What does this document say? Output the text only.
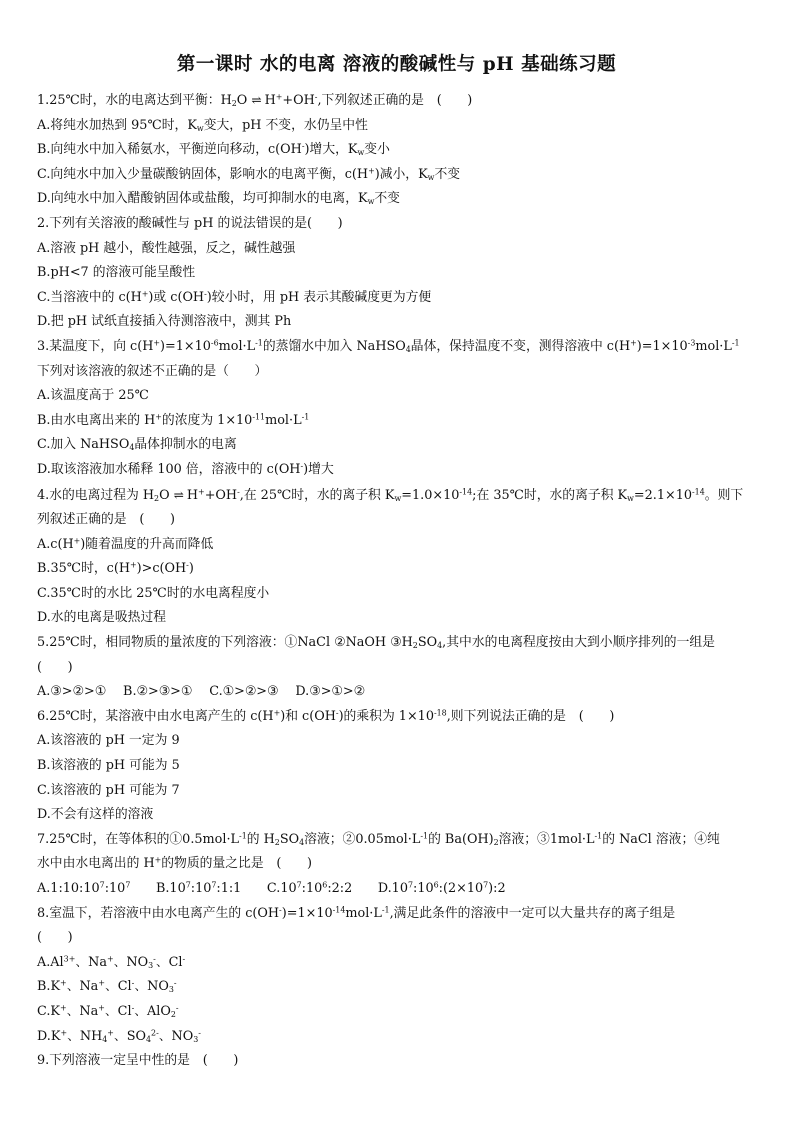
第一课时 水的电离 溶液的酸碱性与 pH 基础练习题
1.25℃时，水的电离达到平衡：$H_2O$ ⇌ H++OH-,下列叙述正确的是　(　　)
A.将纯水加热到 95℃时，$K_w$变大，pH 不变，水仍呈中性
B.向纯水中加入稀氨水，平衡逆向移动，c(OH-)增大，$K_w$变小
C.向纯水中加入少量碳酸钠固体，影响水的电离平衡，c(H+)减小，$K_w$不变
D.向纯水中加入醋酸钠固体或盐酸，均可抑制水的电离，$K_w$不变
2.下列有关溶液的酸碱性与 pH 的说法错误的是(　　)
A.溶液 pH 越小，酸性越强，反之，碱性越强
B.pH<7 的溶液可能呈酸性
C.当溶液中的 c(H+)或 c(OH-)较小时，用 pH 表示其酸碱度更为方便
D.把 pH 试纸直接插入待测溶液中，测其 Ph
3.某温度下，向 $c(H^+)=1\times 10^{-6}mol\cdot L^{-1}$的蒸馏水中加入 NaHSO$_4$晶体，保持温度不变，测得溶液中 $c(H^+)=1\times 10^{-3}mol\cdot L^{-1}$
下列对该溶液的叙述不正确的是（　　）
A.该温度高于 25℃
B.由水电离出来的 H+的浓度为 $1\times 10^{-11}mol\cdot L^{-1}$
C.加入 NaHSO$_4$晶体抑制水的电离
D.取该溶液加水稀释 100 倍，溶液中的 c(OH-)增大
4.水的电离过程为 $H_2O$ ⇌ H++OH-,在 25℃时，水的离子积 $K_w=1.0\times 10^{-14}$;在 35℃时，水的离子积 $K_w=2.1\times 10^{-14}$。则下
列叙述正确的是　(　　)
A.c(H+)随着温度的升高而降低
B.35℃时，c(H+)>c(OH-)
C.35℃时的水比 25℃时的水电离程度小
D.水的电离是吸热过程
5.25℃时，相同物质的量浓度的下列溶液：①NaCl ②NaOH $③H_2SO_4$,其中水的电离程度按由大到小顺序排列的一组是
(　　)
A.③>②>①　 B.②>③>①　 C.①>②>③　 D.③>①>②
6.25℃时，某溶液中由水电离产生的 c(H+)和 c(OH-)的乘积为 $1\times 10^{-18}$,则下列说法正确的是　(　　)
A.该溶液的 pH 一定为 9
B.该溶液的 pH 可能为 5
C.该溶液的 pH 可能为 7
D.不会有这样的溶液
7.25℃时，在等体积的$①0.5mol\cdot L^{-1}$的 $H_2SO_4$溶液；$②0.05mol\cdot L^{-1}$的 $Ba(OH)_2$溶液；$③1mol\cdot L^{-1}$的 NaCl 溶液；④纯
水中由水电离出的 H+的物质的量之比是　(　　)
$A.1:10:10^7:10^7$　　$B.10^7:10^7:1:1$　　$C.10^7:10^6:2:2$　　$D.10^7:10^6:(2\times 10^7):2$
8.室温下，若溶液中由水电离产生的 $c(OH^-)=1\times 10^{-14}mol\cdot L^{-1}$,满足此条件的溶液中一定可以大量共存的离子组是
(　　)
$A.Al^{3+}$、Na+、$NO_3^-$、Cl-
B.K+、Na+、Cl-、$NO_3^-$
C.K+、Na+、Cl-、AlO$_2$-
D.K+、$NH_4^+$、$SO_4^{2-}$、$NO_3^-$
9.下列溶液一定呈中性的是　(　　)
